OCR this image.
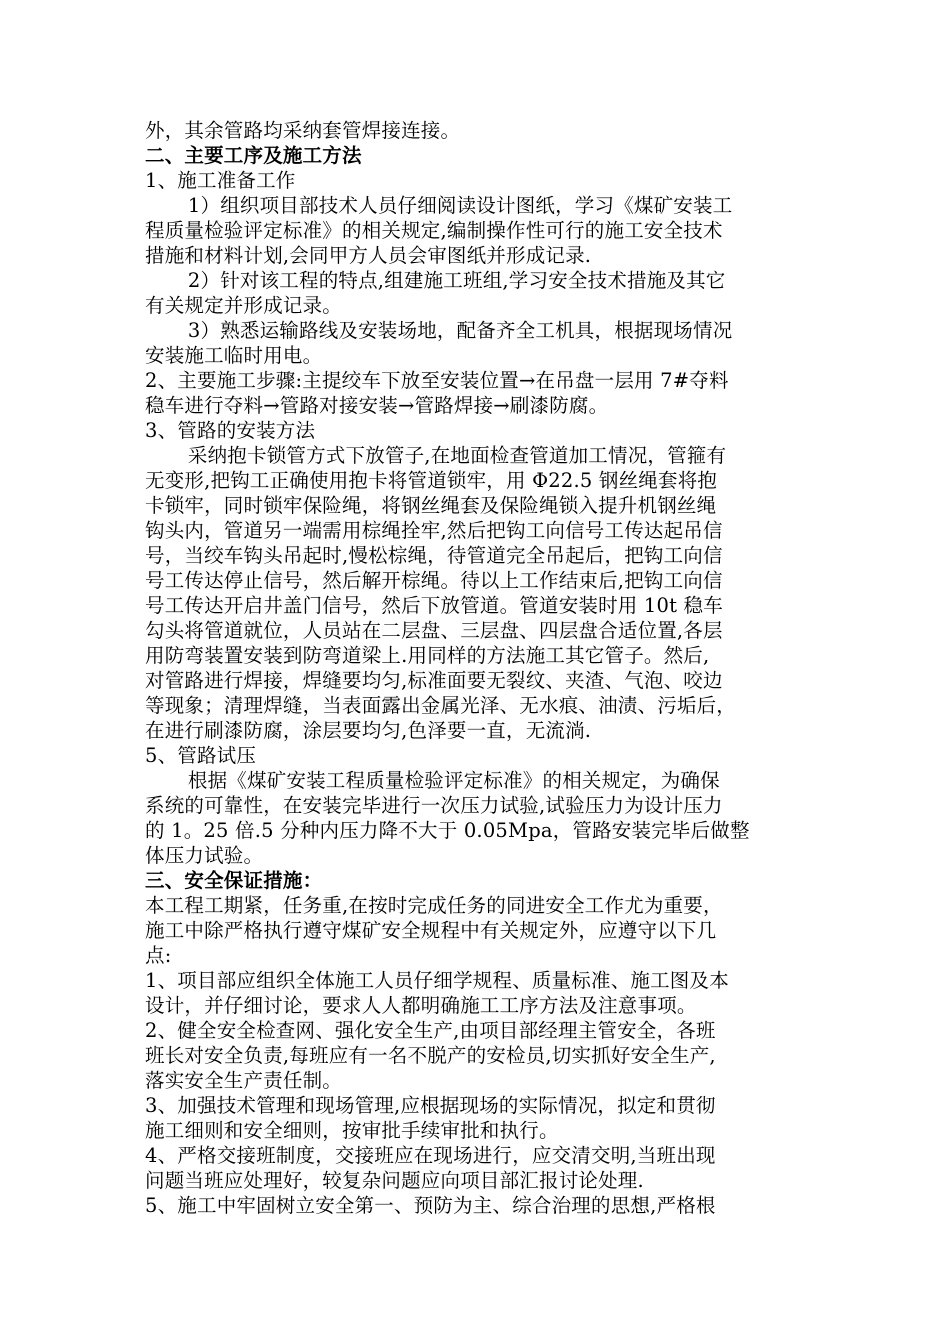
外，其余管路均采纳套管焊接连接。
二、主要工序及施工方法
1、施工准备工作
1）组织项目部技术人员仔细阅读设计图纸，学习《煤矿安装工
程质量检验评定标准》的相关规定,编制操作性可行的施工安全技术
措施和材料计划,会同甲方人员会审图纸并形成记录.
2）针对该工程的特点,组建施工班组,学习安全技术措施及其它
有关规定并形成记录。
3）熟悉运输路线及安装场地，配备齐全工机具，根据现场情况
安装施工临时用电。
2、主要施工步骤:主提绞车下放至安装位置→在吊盘一层用 7#夺料
稳车进行夺料→管路对接安装→管路焊接→刷漆防腐。
3、管路的安装方法
采纳抱卡锁管方式下放管子,在地面检查管道加工情况，管箍有
无变形,把钩工正确使用抱卡将管道锁牢，用 Φ22.5 钢丝绳套将抱
卡锁牢，同时锁牢保险绳，将钢丝绳套及保险绳锁入提升机钢丝绳
钩头内，管道另一端需用棕绳拴牢,然后把钩工向信号工传达起吊信
号，当绞车钩头吊起时,慢松棕绳，待管道完全吊起后，把钩工向信
号工传达停止信号，然后解开棕绳。待以上工作结束后,把钩工向信
号工传达开启井盖门信号，然后下放管道。管道安装时用 10t 稳车
勾头将管道就位，人员站在二层盘、三层盘、四层盘合适位置,各层
用防弯装置安装到防弯道梁上.用同样的方法施工其它管子。然后,
对管路进行焊接，焊缝要均匀,标准面要无裂纹、夹渣、气泡、咬边
等现象；清理焊缝，当表面露出金属光泽、无水痕、油渍、污垢后，
在进行刷漆防腐，涂层要均匀,色泽要一直，无流淌.
5、管路试压
根据《煤矿安装工程质量检验评定标准》的相关规定，为确保
系统的可靠性，在安装完毕进行一次压力试验,试验压力为设计压力
的 1。25 倍.5 分种内压力降不大于 0.05Mpa，管路安装完毕后做整
体压力试验。
三、安全保证措施：
本工程工期紧，任务重,在按时完成任务的同进安全工作尤为重要，
施工中除严格执行遵守煤矿安全规程中有关规定外，应遵守以下几
点:
1、项目部应组织全体施工人员仔细学规程、质量标准、施工图及本
设计，并仔细讨论，要求人人都明确施工工序方法及注意事项。
2、健全安全检查网、强化安全生产,由项目部经理主管安全，各班
班长对安全负责,每班应有一名不脱产的安检员,切实抓好安全生产,
落实安全生产责任制。
3、加强技术管理和现场管理,应根据现场的实际情况，拟定和贯彻
施工细则和安全细则，按审批手续审批和执行。
4、严格交接班制度，交接班应在现场进行，应交清交明,当班出现
问题当班应处理好，较复杂问题应向项目部汇报讨论处理.
5、施工中牢固树立安全第一、预防为主、综合治理的思想,严格根
